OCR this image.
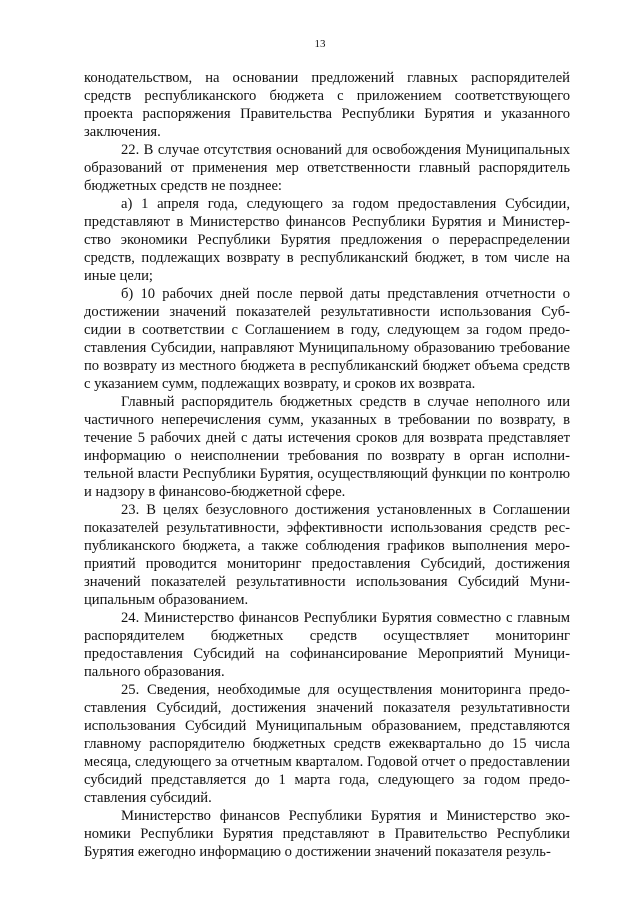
13

конодательством, на основании предложений главных распорядителей средств республиканского бюджета с приложением соответствующего проекта распоряжения Правительства Республики Бурятия и указанного заключения.

22. В случае отсутствия оснований для освобождения Муниципальных образований от применения мер ответственности главный распорядитель бюджетных средств не позднее:

а) 1 апреля года, следующего за годом предоставления Субсидии, представляют в Министерство финансов Республики Бурятия и Министерство экономики Республики Бурятия предложения о перераспределении средств, подлежащих возврату в республиканский бюджет, в том числе на иные цели;

б) 10 рабочих дней после первой даты представления отчетности о достижении значений показателей результативности использования Субсидии в соответствии с Соглашением в году, следующем за годом предоставления Субсидии, направляют Муниципальному образованию требование по возврату из местного бюджета в республиканский бюджет объема средств с указанием сумм, подлежащих возврату, и сроков их возврата.

Главный распорядитель бюджетных средств в случае неполного или частичного неперечисления сумм, указанных в требовании по возврату, в течение 5 рабочих дней с даты истечения сроков для возврата представляет информацию о неисполнении требования по возврату в орган исполнительной власти Республики Бурятия, осуществляющий функции по контролю и надзору в финансово-бюджетной сфере.

23. В целях безусловного достижения установленных в Соглашении показателей результативности, эффективности использования средств республиканского бюджета, а также соблюдения графиков выполнения мероприятий проводится мониторинг предоставления Субсидий, достижения значений показателей результативности использования Субсидий Муниципальным образованием.

24. Министерство финансов Республики Бурятия совместно с главным распорядителем бюджетных средств осуществляет мониторинг предоставления Субсидий на софинансирование Мероприятий Муниципального образования.

25. Сведения, необходимые для осуществления мониторинга предоставления Субсидий, достижения значений показателя результативности использования Субсидий Муниципальным образованием, представляются главному распорядителю бюджетных средств ежеквартально до 15 числа месяца, следующего за отчетным кварталом. Годовой отчет о предоставлении субсидий представляется до 1 марта года, следующего за годом предоставления субсидий.

Министерство финансов Республики Бурятия и Министерство экономики Республики Бурятия представляют в Правительство Республики Бурятия ежегодно информацию о достижении значений показателя резуль-
